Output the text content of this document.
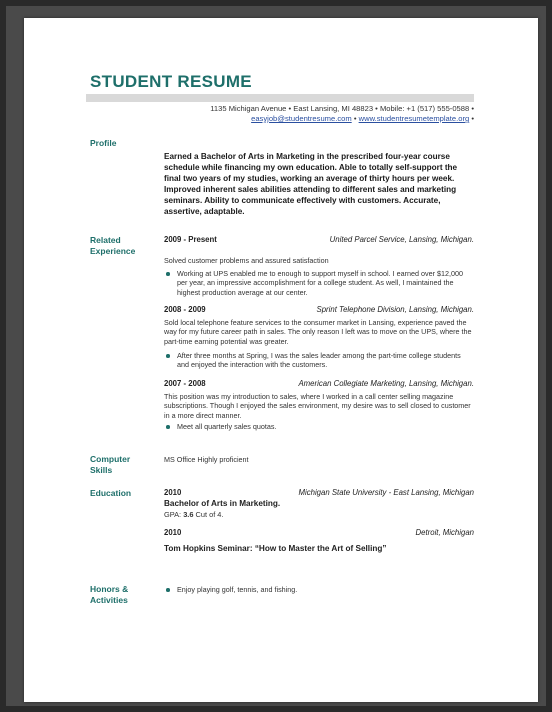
STUDENT RESUME
1135 Michigan Avenue • East Lansing, MI 48823 • Mobile: +1 (517) 555-0588 •
easyjob@studentresume.com • www.studentresumetemplate.org •
Profile
Earned a Bachelor of Arts in Marketing in the prescribed four-year course schedule while financing my own education. Able to totally self-support the final two years of my studies, working an average of thirty hours per week. Improved inherent sales abilities attending to different sales and marketing seminars. Ability to communicate effectively with customers. Accurate, assertive, adaptable.
Related
Experience
2009 - Present	United Parcel Service, Lansing, Michigan.
Solved customer problems and assured satisfaction
Working at UPS enabled me to enough to support myself in school. I earned over $12,000 per year, an impressive accomplishment for a college student. As well, I maintained the highest production average at our center.
2008 - 2009	Sprint Telephone Division, Lansing, Michigan.
Sold local telephone feature services to the consumer market in Lansing, experience paved the way for my future career path in sales. The only reason I left was to move on the UPS, where the part-time earning potential was greater.
After three months at Spring, I was the sales leader among the part-time college students and enjoyed the interaction with the customers.
2007 - 2008	American Collegiate Marketing, Lansing, Michigan.
This position was my introduction to sales, where I worked in a call center selling magazine subscriptions. Though I enjoyed the sales environment, my desire was to sell closed to customer in a more direct manner.
Meet all quarterly sales quotas.
Computer
Skills
MS Office Highly proficient
Education	2010	Michigan State University - East Lansing, Michigan
Bachelor of Arts in Marketing.
GPA: 3.6 Cut of 4.
2010	Detroit, Michigan
Tom Hopkins Seminar: “How to Master the Art of Selling”
Honors &
Activities
Enjoy playing golf, tennis, and fishing.
